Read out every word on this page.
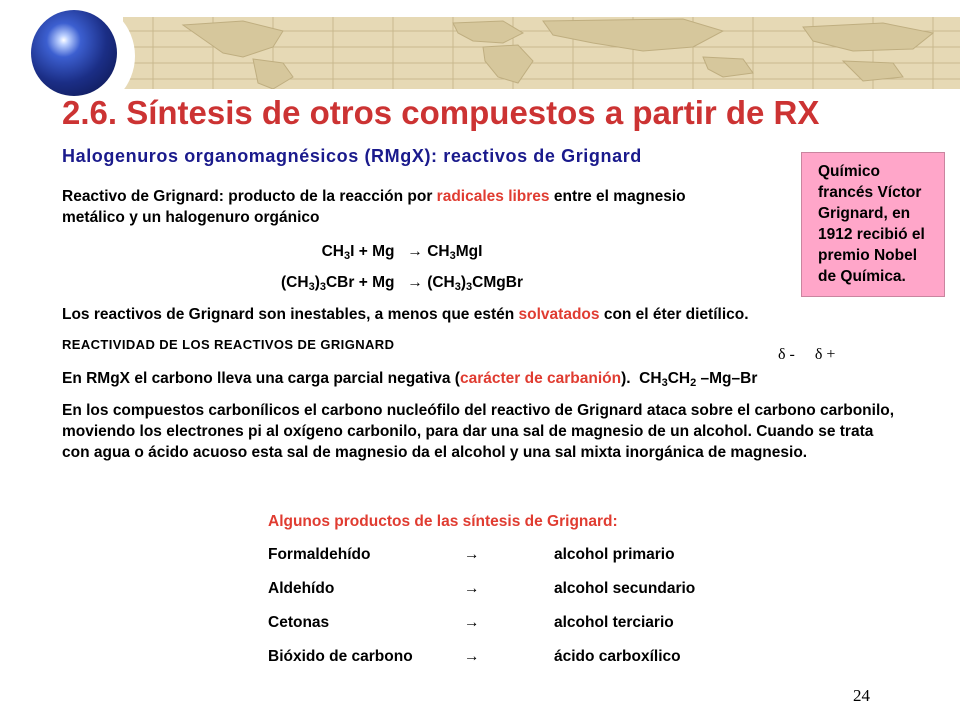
2.6. Síntesis de otros compuestos a partir de RX
Halogenuros organomagnésicos (RMgX): reactivos de Grignard
Químico francés Víctor Grignard, en 1912 recibió el premio Nobel de Química.
Reactivo de Grignard: producto de la reacción por radicales libres entre el magnesio metálico y un halogenuro orgánico
$CH_3I + Mg \to CH_3MgI$
$(CH_3)_3CBr + Mg$ → $(CH_3)_3CMgBr$
Los reactivos de Grignard son inestables, a menos que estén solvatados con el éter dietílico.
REACTIVIDAD DE LOS REACTIVOS DE GRIGNARD
δ - δ +
En RMgX el carbono lleva una carga parcial negativa (carácter de carbanión). $CH_3CH_2$ –Mg–Br
En los compuestos carbonílicos el carbono nucleófilo del reactivo de Grignard ataca sobre el carbono carbonilo, moviendo los electrones pi al oxígeno carbonilo, para dar una sal de magnesio de un alcohol. Cuando se trata con agua o ácido acuoso esta sal de magnesio da el alcohol y una sal mixta inorgánica de magnesio.
Algunos productos de las síntesis de Grignard:
Formaldehído	→	alcohol primario
Aldehído	→	alcohol secundario
Cetonas	→	alcohol terciario
Bióxido de carbono	→	ácido carboxílico
24
